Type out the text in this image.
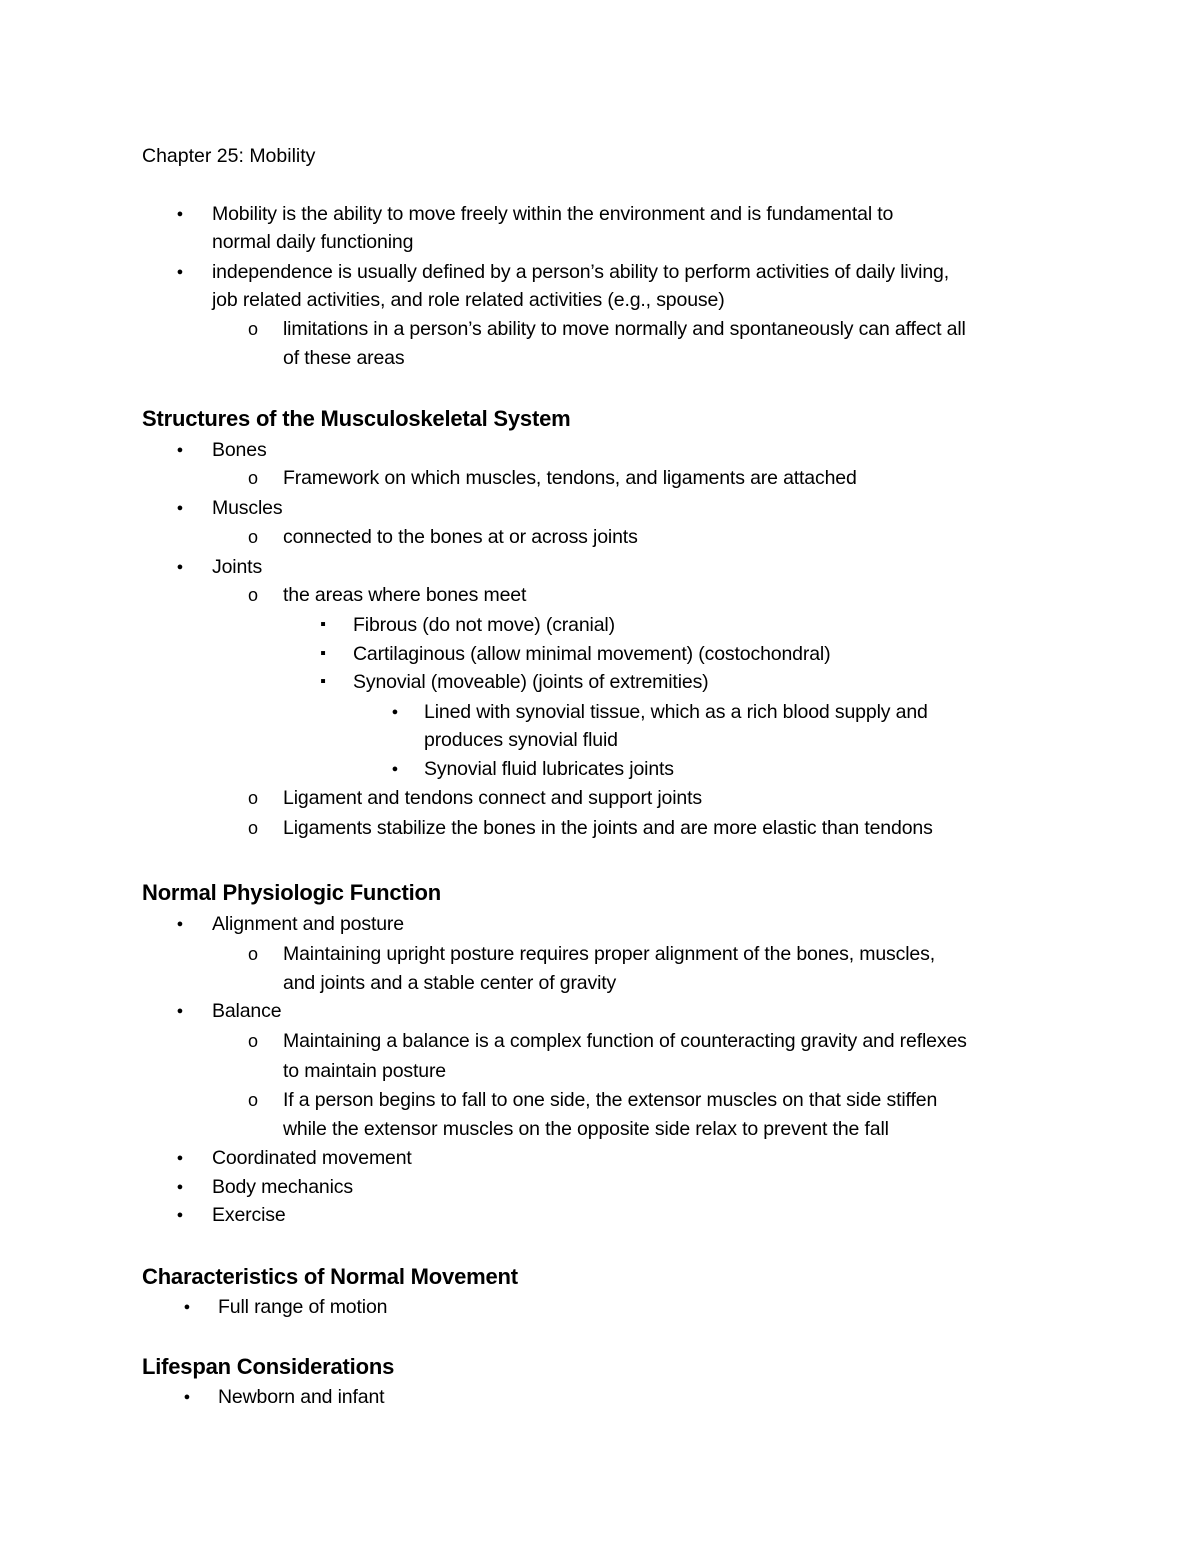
Chapter 25: Mobility
●
Mobility is the ability to move freely within the environment and is fundamental to
normal daily functioning
●
independence is usually defined by a person’s ability to perform activities of daily living,
job related activities, and role related activities (e.g., spouse)
o
limitations in a person’s ability to move normally and spontaneously can affect all
of these areas
Structures of the Musculoskeletal System
●
Bones
o
Framework on which muscles, tendons, and ligaments are attached
●
Muscles
o
connected to the bones at or across joints
●
Joints
o
the areas where bones meet
▪
Fibrous (do not move) (cranial)
▪
Cartilaginous (allow minimal movement) (costochondral)
▪
Synovial (moveable) (joints of extremities)
●
Lined with synovial tissue, which as a rich blood supply and
produces synovial fluid
●
Synovial fluid lubricates joints
o
Ligament and tendons connect and support joints
o
Ligaments stabilize the bones in the joints and are more elastic than tendons
Normal Physiologic Function
●
Alignment and posture
o
Maintaining upright posture requires proper alignment of the bones, muscles,
and joints and a stable center of gravity
●
Balance
o
Maintaining a balance is a complex function of counteracting gravity and reflexes
to maintain posture
o
If a person begins to fall to one side, the extensor muscles on that side stiffen
while the extensor muscles on the opposite side relax to prevent the fall
●
Coordinated movement
●
Body mechanics
●
Exercise
Characteristics of Normal Movement
●
Full range of motion
Lifespan Considerations
●
Newborn and infant
